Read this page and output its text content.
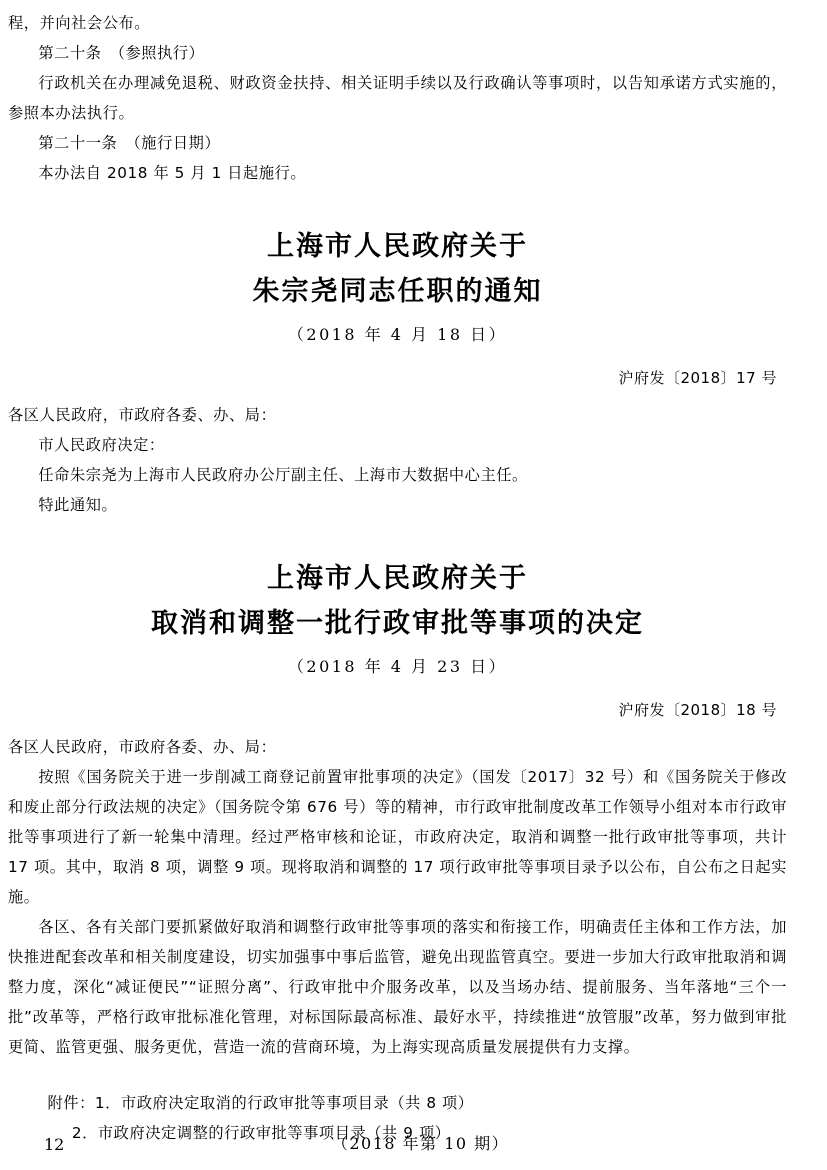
程，并向社会公布。
第二十条　（参照执行）
行政机关在办理减免退税、财政资金扶持、相关证明手续以及行政确认等事项时，以告知承诺方式实施的，参照本办法执行。
第二十一条　（施行日期）
本办法自 2018 年 5 月 1 日起施行。
上海市人民政府关于
朱宗尧同志任职的通知
（2018 年 4 月 18 日）
沪府发〔2018〕17 号
各区人民政府，市政府各委、办、局：
市人民政府决定：
任命朱宗尧为上海市人民政府办公厅副主任、上海市大数据中心主任。
特此通知。
上海市人民政府关于
取消和调整一批行政审批等事项的决定
（2018 年 4 月 23 日）
沪府发〔2018〕18 号
各区人民政府，市政府各委、办、局：
按照《国务院关于进一步削减工商登记前置审批事项的决定》（国发〔2017〕32 号）和《国务院关于修改和废止部分行政法规的决定》（国务院令第 676 号）等的精神，市行政审批制度改革工作领导小组对本市行政审批等事项进行了新一轮集中清理。经过严格审核和论证，市政府决定，取消和调整一批行政审批等事项，共计 17 项。其中，取消 8 项，调整 9 项。现将取消和调整的 17 项行政审批等事项目录予以公布，自公布之日起实施。
各区、各有关部门要抓紧做好取消和调整行政审批等事项的落实和衔接工作，明确责任主体和工作方法，加快推进配套改革和相关制度建设，切实加强事中事后监管，避免出现监管真空。要进一步加大行政审批取消和调整力度，深化“减证便民”“证照分离”、行政审批中介服务改革，以及当场办结、提前服务、当年落地“三个一批”改革等，严格行政审批标准化管理，对标国际最高标准、最好水平，持续推进“放管服”改革，努力做到审批更简、监管更强、服务更优，营造一流的营商环境，为上海实现高质量发展提供有力支撑。
附件：1．市政府决定取消的行政审批等事项目录（共 8 项）
2．市政府决定调整的行政审批等事项目录（共 9 项）
12	（2018 年第 10 期）
